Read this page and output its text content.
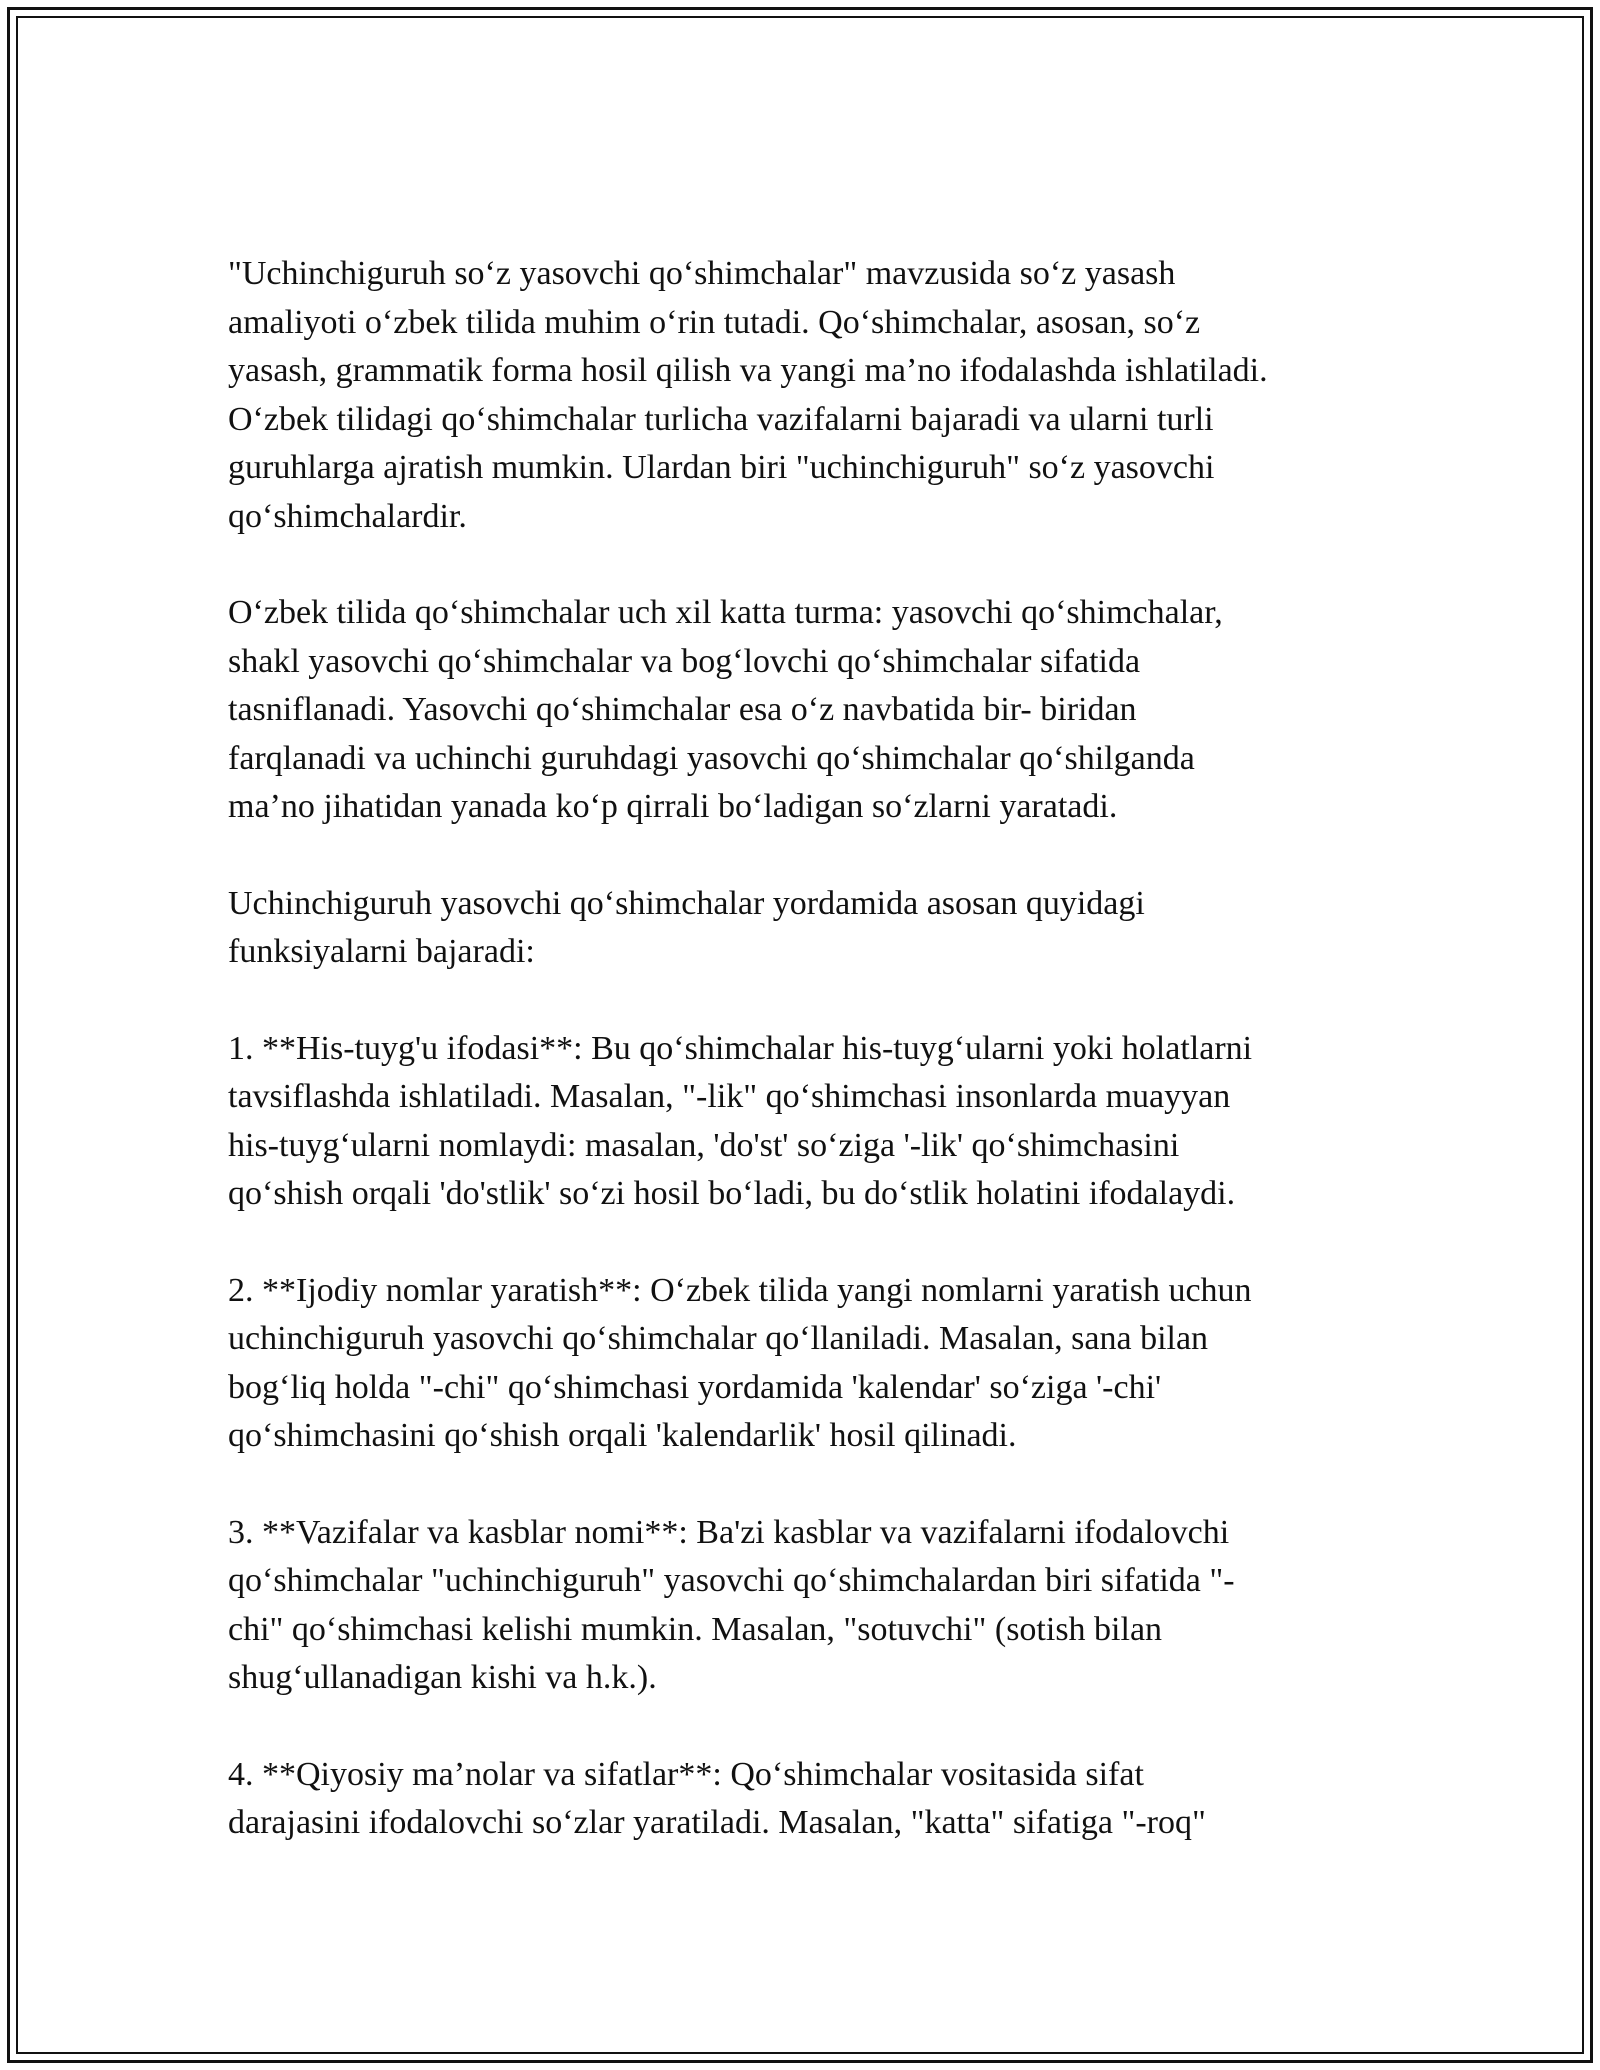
"Uchinchiguruh so‘z yasovchi qo‘shimchalar" mavzusida so‘z yasash
amaliyoti o‘zbek tilida muhim o‘rin tutadi. Qo‘shimchalar, asosan, so‘z
yasash, grammatik forma hosil qilish va yangi ma’no ifodalashda ishlatiladi.
O‘zbek tilidagi qo‘shimchalar turlicha vazifalarni bajaradi va ularni turli
guruhlarga ajratish mumkin. Ulardan biri "uchinchiguruh" so‘z yasovchi
qo‘shimchalardir.

O‘zbek tilida qo‘shimchalar uch xil katta turma: yasovchi qo‘shimchalar,
shakl yasovchi qo‘shimchalar va bog‘lovchi qo‘shimchalar sifatida
tasniflanadi. Yasovchi qo‘shimchalar esa o‘z navbatida bir- biridan
farqlanadi va uchinchi guruhdagi yasovchi qo‘shimchalar qo‘shilganda
ma’no jihatidan yanada ko‘p qirrali bo‘ladigan so‘zlarni yaratadi.

Uchinchiguruh yasovchi qo‘shimchalar yordamida asosan quyidagi
funksiyalarni bajaradi:

1. **His-tuyg'u ifodasi**: Bu qo‘shimchalar his-tuyg‘ularni yoki holatlarni
tavsiflashda ishlatiladi. Masalan, "-lik" qo‘shimchasi insonlarda muayyan
his-tuyg‘ularni nomlaydi: masalan, 'do'st' so‘ziga '-lik' qo‘shimchasini
qo‘shish orqali 'do'stlik' so‘zi hosil bo‘ladi, bu do‘stlik holatini ifodalaydi.

2. **Ijodiy nomlar yaratish**: O‘zbek tilida yangi nomlarni yaratish uchun
uchinchiguruh yasovchi qo‘shimchalar qo‘llaniladi. Masalan, sana bilan
bog‘liq holda "-chi" qo‘shimchasi yordamida 'kalendar' so‘ziga '-chi'
qo‘shimchasini qo‘shish orqali 'kalendarlik' hosil qilinadi.

3. **Vazifalar va kasblar nomi**: Ba'zi kasblar va vazifalarni ifodalovchi
qo‘shimchalar "uchinchiguruh" yasovchi qo‘shimchalardan biri sifatida "-
chi" qo‘shimchasi kelishi mumkin. Masalan, "sotuvchi" (sotish bilan
shug‘ullanadigan kishi va h.k.).

4. **Qiyosiy ma’nolar va sifatlar**: Qo‘shimchalar vositasida sifat
darajasini ifodalovchi so‘zlar yaratiladi. Masalan, "katta" sifatiga "-roq"
